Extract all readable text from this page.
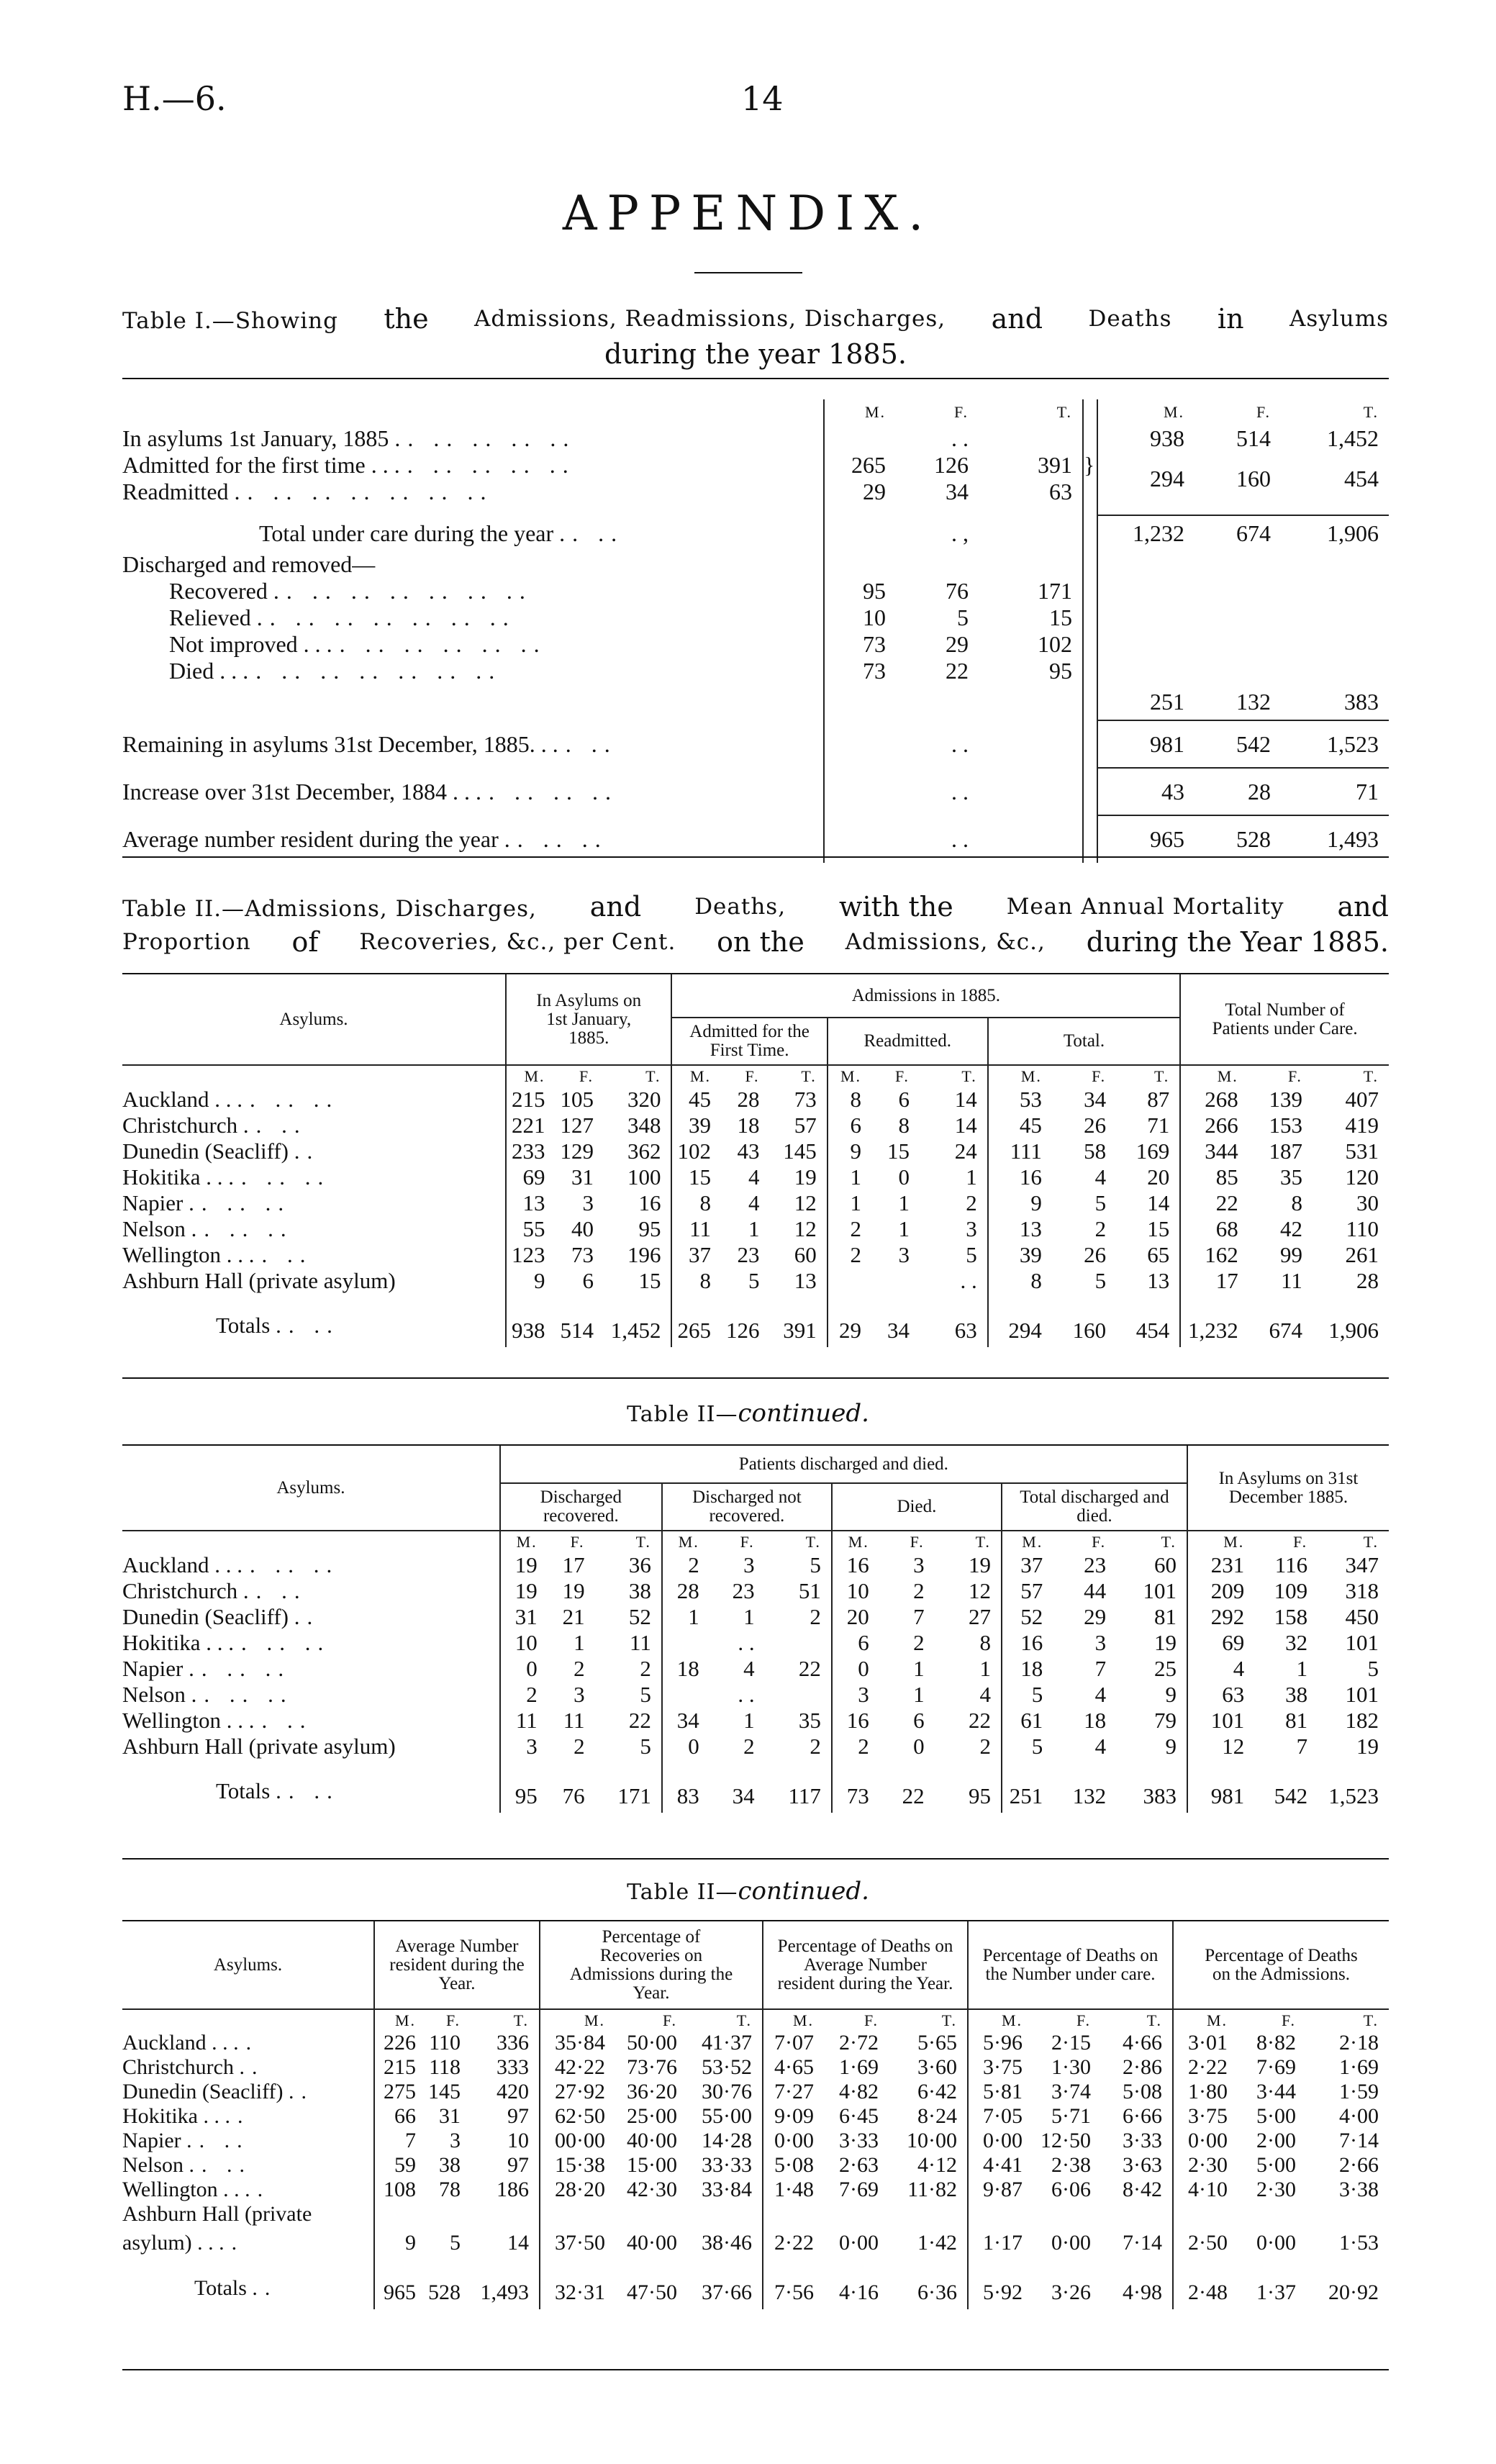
H.—6.	14
APPENDIX.
Table I.—Showing the Admissions, Readmissions, Discharges, and Deaths in Asylums
during the year 1885.
	M.	F.	T.		M.	F.	T.
In asylums 1st January, 1885 .. .. .. .. ..		. .			938	514	1,452
Admitted for the first time . . .. .. .. .. ..	265	126	391	}	294	160	454
Readmitted .. .. .. .. .. .. ..	29	34	63				

Total under care during the year .. ..		. ,			1,232	674	1,906
Discharged and removed—							
Recovered .. .. .. .. .. .. ..	95	76	171				
Relieved .. .. .. .. .. .. ..	10	5	15				
Not improved . . .. .. .. .. .. ..	73	29	102				
Died . . .. .. .. .. .. .. ..	73	22	95				
					251	132	383
Remaining in asylums 31st December, 1885. . .. ..		. .			981	542	1,523
Increase over 31st December, 1884 . . .. .. .. ..		. .			43	28	71
Average number resident during the year .. .. ..		. .			965	528	1,493
Table II.—Admissions, Discharges, and Deaths, with the Mean Annual Mortality and
Proportion of Recoveries, &c., per Cent. on the Admissions, &c., during the Year 1885.
Asylums.	In Asylums on 1st January, 1885.			Admissions in 1885.									Total Number of Patients under Care.		
				Admitted for the First Time.			Readmitted.			Total.					
	M.	F.	T.	M.	F.	T.	M.	F.	T.	M.	F.	T.	M.	F.	T.
Auckland . . .. .. ..	215	105	320	45	28	73	8	6	14	53	34	87	268	139	407
Christchurch .. ..	221	127	348	39	18	57	6	8	14	45	26	71	266	153	419
Dunedin (Seacliff) ..	233	129	362	102	43	145	9	15	24	111	58	169	344	187	531
Hokitika . . .. .. ..	69	31	100	15	4	19	1	0	1	16	4	20	85	35	120
Napier .. .. ..	13	3	16	8	4	12	1	1	2	9	5	14	22	8	30
Nelson .. .. ..	55	40	95	11	1	12	2	1	3	13	2	15	68	42	110
Wellington . . .. ..	123	73	196	37	23	60	2	3	5	39	26	65	162	99	261
Ashburn Hall (private asylum)	9	6	15	8	5	13			. .	8	5	13	17	11	28

Totals .. ..	938	514	1,452	265	126	391	29	34	63	294	160	454	1,232	674	1,906
Table II—continued.
Asylums.	Patients discharged and died.												In Asylums on 31st December 1885.		
	Discharged recovered.			Discharged not recovered.			Died.			Total discharged and died.					
	M.	F.	T.	M.	F.	T.	M.	F.	T.	M.	F.	T.	M.	F.	T.
Auckland . . .. .. ..	19	17	36	2	3	5	16	3	19	37	23	60	231	116	347
Christchurch .. ..	19	19	38	28	23	51	10	2	12	57	44	101	209	109	318
Dunedin (Seacliff) ..	31	21	52	1	1	2	20	7	27	52	29	81	292	158	450
Hokitika . . .. .. ..	10	1	11		. .		6	2	8	16	3	19	69	32	101
Napier .. .. ..	0	2	2	18	4	22	0	1	1	18	7	25	4	1	5
Nelson .. .. ..	2	3	5		. .		3	1	4	5	4	9	63	38	101
Wellington . . .. ..	11	11	22	34	1	35	16	6	22	61	18	79	101	81	182
Ashburn Hall (private asylum)	3	2	5	0	2	2	2	0	2	5	4	9	12	7	19

Totals .. ..	95	76	171	83	34	117	73	22	95	251	132	383	981	542	1,523
Table II—continued.
Asylums.	Average Number resident during the Year.			Percentage of Recoveries on Admissions during the Year.			Percentage of Deaths on Average Number resident during the Year.			Percentage of Deaths on the Number under care.			Percentage of Deaths on the Admissions.		
	M.	F.	T.	M.	F.	T.	M.	F.	T.	M.	F.	T.	M.	F.	T.
Auckland . . ..	226	110	336	35·84	50·00	41·37	7·07	2·72	5·65	5·96	2·15	4·66	3·01	8·82	2·18
Christchurch ..	215	118	333	42·22	73·76	53·52	4·65	1·69	3·60	3·75	1·30	2·86	2·22	7·69	1·69
Dunedin (Seacliff) ..	275	145	420	27·92	36·20	30·76	7·27	4·82	6·42	5·81	3·74	5·08	1·80	3·44	1·59
Hokitika . . ..	66	31	97	62·50	25·00	55·00	9·09	6·45	8·24	7·05	5·71	6·66	3·75	5·00	4·00
Napier .. ..	7	3	10	00·00	40·00	14·28	0·00	3·33	10·00	0·00	12·50	3·33	0·00	2·00	7·14
Nelson .. ..	59	38	97	15·38	15·00	33·33	5·08	2·63	4·12	4·41	2·38	3·63	2·30	5·00	2·66
Wellington . . ..	108	78	186	28·20	42·30	33·84	1·48	7·69	11·82	9·87	6·06	8·42	4·10	2·30	3·38
Ashburn Hall (private															
asylum) . . ..	9	5	14	37·50	40·00	38·46	2·22	0·00	1·42	1·17	0·00	7·14	2·50	0·00	1·53

Totals ..	965	528	1,493	32·31	47·50	37·66	7·56	4·16	6·36	5·92	3·26	4·98	2·48	1·37	20·92
